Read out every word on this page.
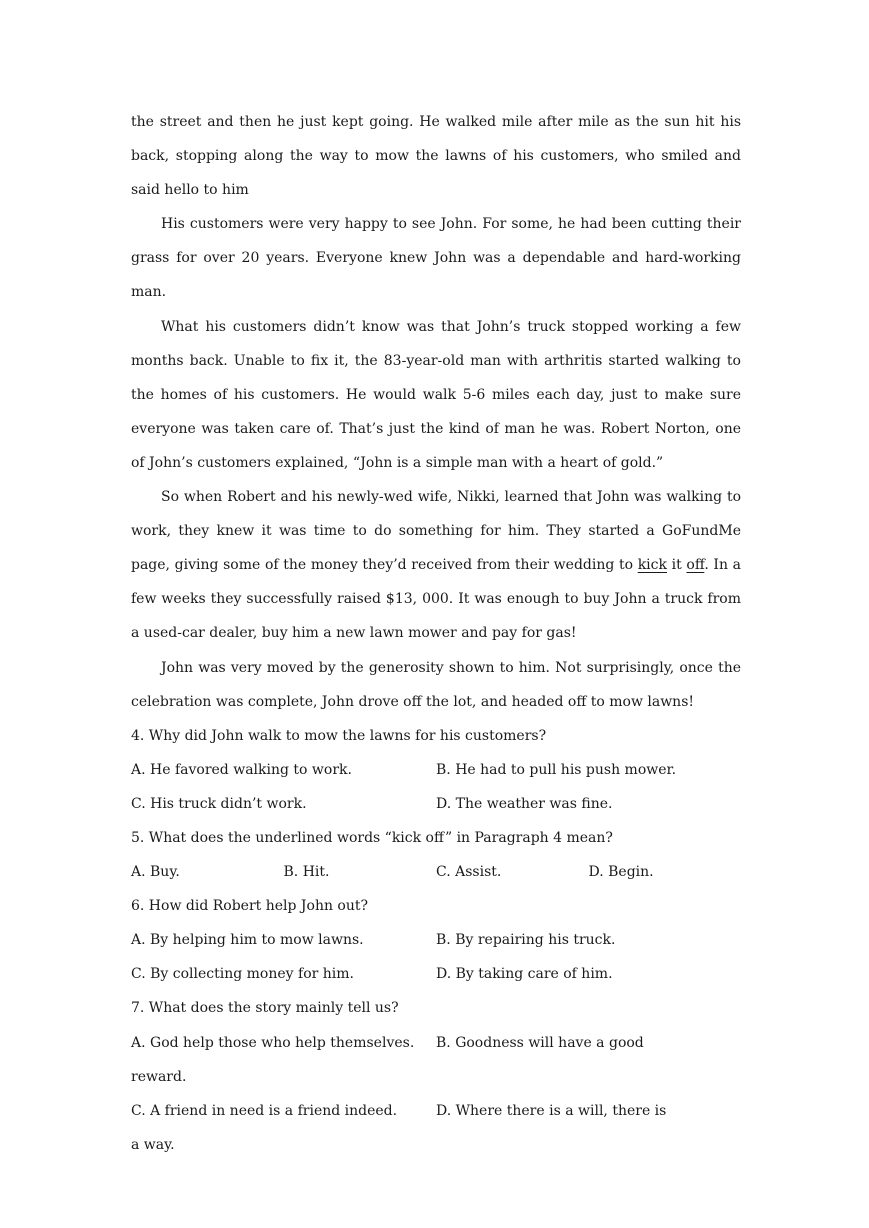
the street and then he just kept going. He walked mile after mile as the sun hit his back, stopping along the way to mow the lawns of his customers, who smiled and said hello to him

His customers were very happy to see John. For some, he had been cutting their grass for over 20 years. Everyone knew John was a dependable and hard-working man.

What his customers didn’t know was that John’s truck stopped working a few months back. Unable to fix it, the 83-year-old man with arthritis started walking to the homes of his customers. He would walk 5-6 miles each day, just to make sure everyone was taken care of. That’s just the kind of man he was. Robert Norton, one of John’s customers explained, “John is a simple man with a heart of gold.”

So when Robert and his newly-wed wife, Nikki, learned that John was walking to work, they knew it was time to do something for him. They started a GoFundMe page, giving some of the money they’d received from their wedding to kick it off. In a few weeks they successfully raised $13, 000. It was enough to buy John a truck from a used-car dealer, buy him a new lawn mower and pay for gas!

John was very moved by the generosity shown to him. Not surprisingly, once the celebration was complete, John drove off the lot, and headed off to mow lawns!

4. Why did John walk to mow the lawns for his customers?
A. He favored walking to work.	B. He had to pull his push mower.
C. His truck didn’t work.	D. The weather was fine.
5. What does the underlined words “kick off” in Paragraph 4 mean?
A. Buy.	B. Hit.	C. Assist.	D. Begin.
6. How did Robert help John out?
A. By helping him to mow lawns.	B. By repairing his truck.
C. By collecting money for him.	D. By taking care of him.
7. What does the story mainly tell us?
A. God help those who help themselves.	B. Goodness will have a good
reward.
C. A friend in need is a friend indeed.	D. Where there is a will, there is
a way.
